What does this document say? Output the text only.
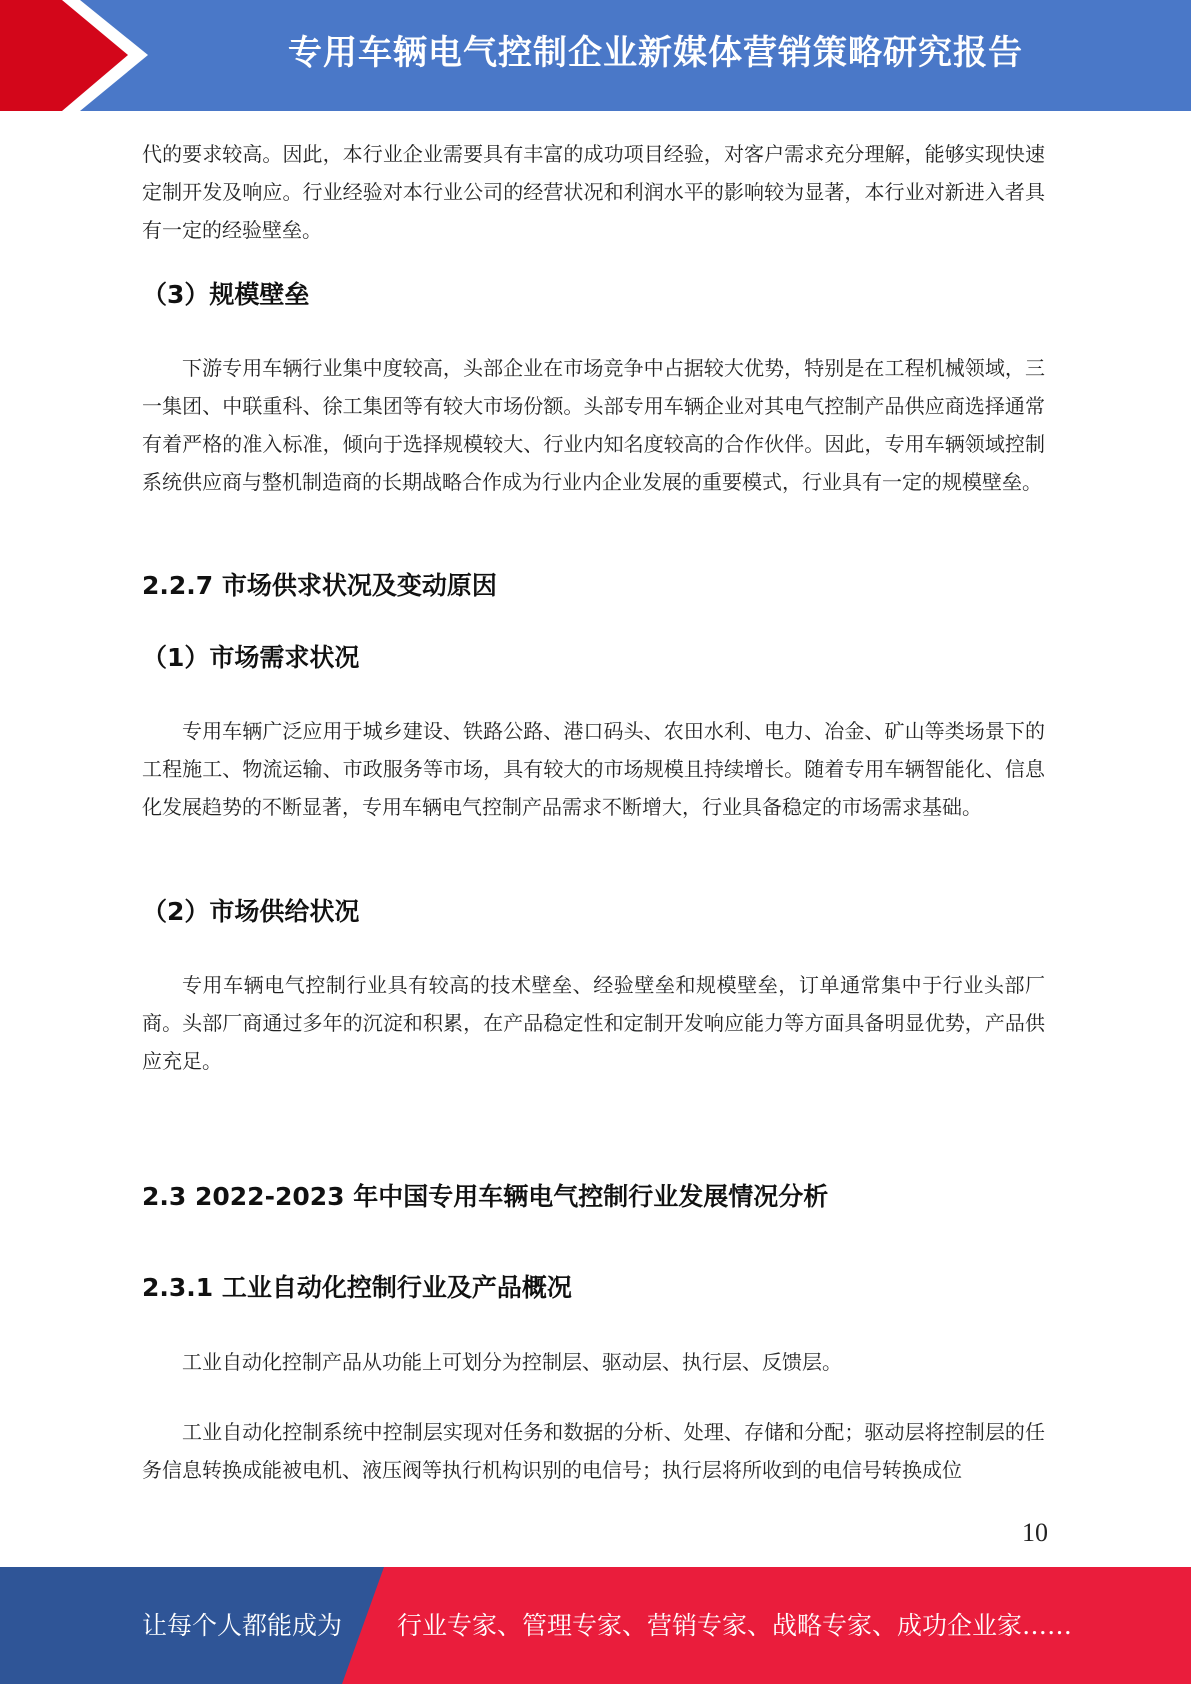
专用车辆电气控制企业新媒体营销策略研究报告
代的要求较高。因此，本行业企业需要具有丰富的成功项目经验，对客户需求充分理解，能够实现快速定制开发及响应。行业经验对本行业公司的经营状况和利润水平的影响较为显著，本行业对新进入者具有一定的经验壁垒。
（3）规模壁垒
下游专用车辆行业集中度较高，头部企业在市场竞争中占据较大优势，特别是在工程机械领域，三一集团、中联重科、徐工集团等有较大市场份额。头部专用车辆企业对其电气控制产品供应商选择通常有着严格的准入标准，倾向于选择规模较大、行业内知名度较高的合作伙伴。因此，专用车辆领域控制系统供应商与整机制造商的长期战略合作成为行业内企业发展的重要模式，行业具有一定的规模壁垒。
2.2.7 市场供求状况及变动原因
（1）市场需求状况
专用车辆广泛应用于城乡建设、铁路公路、港口码头、农田水利、电力、冶金、矿山等类场景下的工程施工、物流运输、市政服务等市场，具有较大的市场规模且持续增长。随着专用车辆智能化、信息化发展趋势的不断显著，专用车辆电气控制产品需求不断增大，行业具备稳定的市场需求基础。
（2）市场供给状况
专用车辆电气控制行业具有较高的技术壁垒、经验壁垒和规模壁垒，订单通常集中于行业头部厂商。头部厂商通过多年的沉淀和积累，在产品稳定性和定制开发响应能力等方面具备明显优势，产品供应充足。
2.3 2022-2023 年中国专用车辆电气控制行业发展情况分析
2.3.1 工业自动化控制行业及产品概况
工业自动化控制产品从功能上可划分为控制层、驱动层、执行层、反馈层。
工业自动化控制系统中控制层实现对任务和数据的分析、处理、存储和分配；驱动层将控制层的任务信息转换成能被电机、液压阀等执行机构识别的电信号；执行层将所收到的电信号转换成位
10
让每个人都能成为 行业专家、管理专家、营销专家、战略专家、成功企业家……
